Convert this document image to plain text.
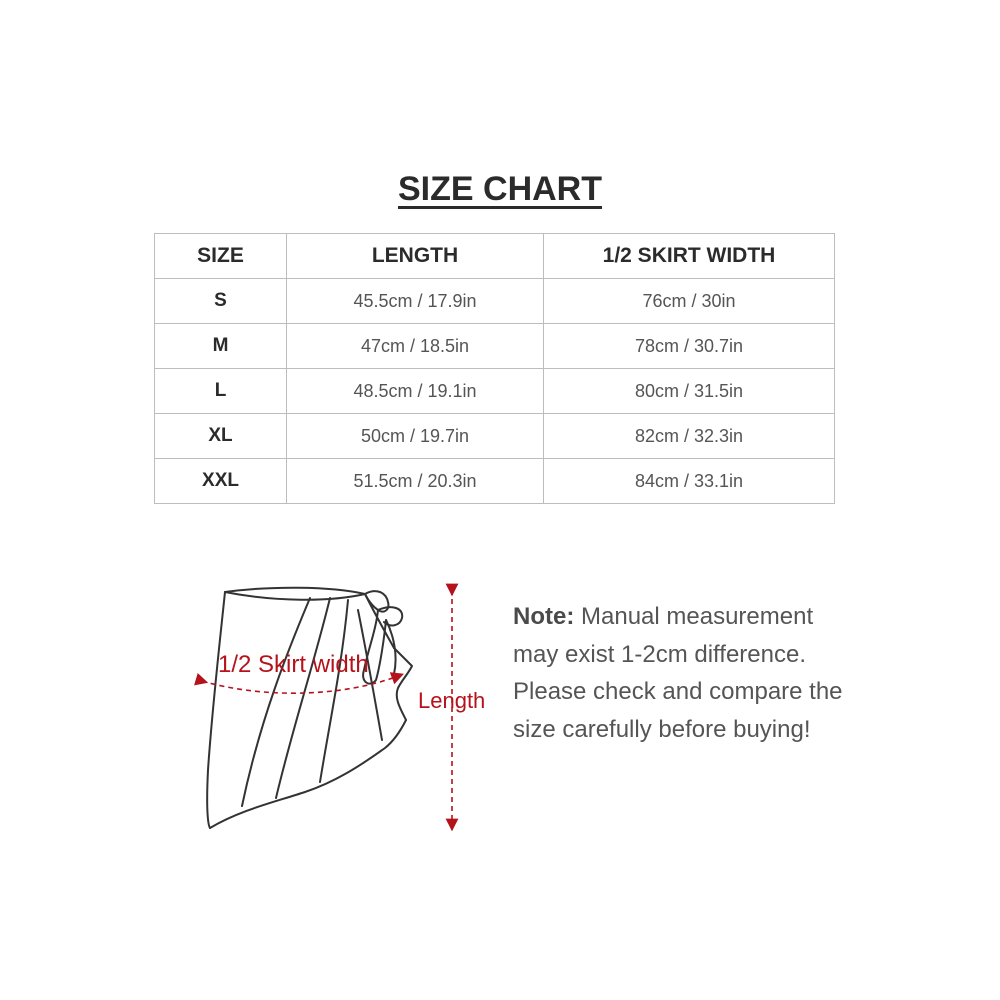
SIZE CHART
SIZE	LENGTH	1/2 SKIRT WIDTH
S	45.5cm / 17.9in	76cm / 30in
M	47cm / 18.5in	78cm / 30.7in
L	48.5cm / 19.1in	80cm / 31.5in
XL	50cm / 19.7in	82cm / 32.3in
XXL	51.5cm / 20.3in	84cm / 33.1in
1/2 Skirt width
Length
Note: Manual measurement may exist 1-2cm difference. Please check and compare the size carefully before buying!
